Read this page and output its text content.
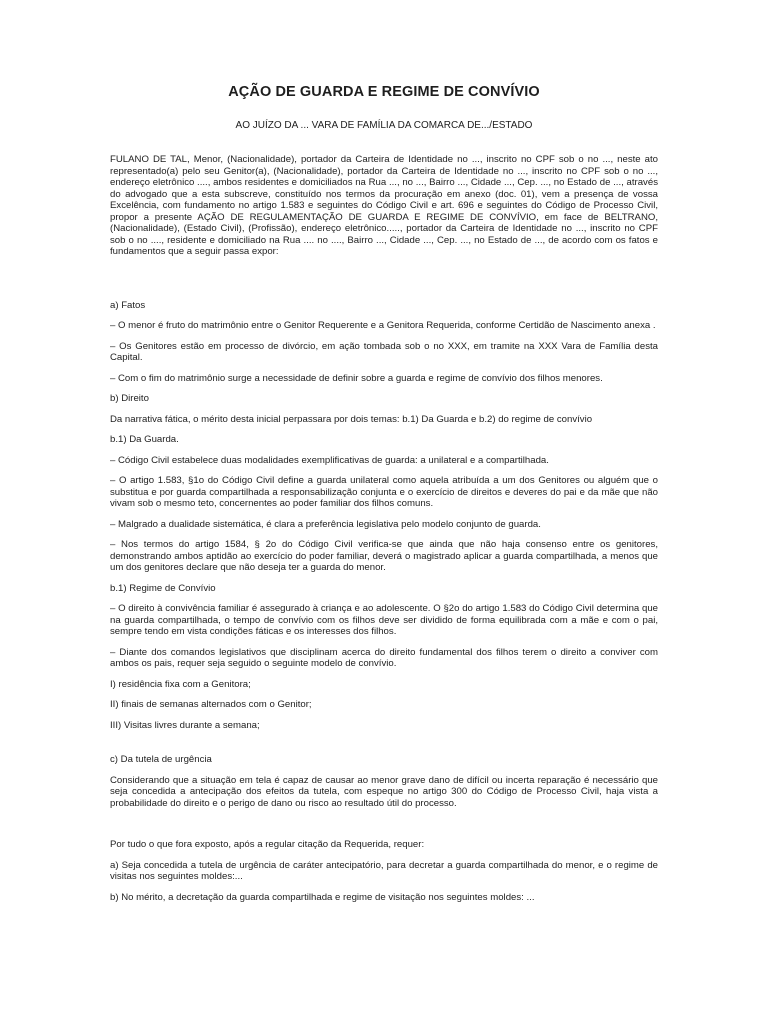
AÇÃO DE GUARDA E REGIME DE CONVÍVIO

AO JUÍZO DA ... VARA DE FAMÍLIA DA COMARCA DE.../ESTADO

FULANO DE TAL, Menor, (Nacionalidade), portador da Carteira de Identidade no ..., inscrito no CPF sob o no ..., neste ato representado(a) pelo seu Genitor(a), (Nacionalidade), portador da Carteira de Identidade no ..., inscrito no CPF sob o no ..., endereço eletrônico ...., ambos residentes e domiciliados na Rua ..., no ..., Bairro ..., Cidade ..., Cep. ..., no Estado de ..., através do advogado que a esta subscreve, constituído nos termos da procuração em anexo (doc. 01), vem a presença de vossa Excelência, com fundamento no artigo 1.583 e seguintes do Código Civil e art. 696 e seguintes do Código de Processo Civil, propor a presente AÇÃO DE REGULAMENTAÇÃO DE GUARDA E REGIME DE CONVÍVIO, em face de BELTRANO, (Nacionalidade), (Estado Civil), (Profissão), endereço eletrônico....., portador da Carteira de Identidade no ..., inscrito no CPF sob o no ...., residente e domiciliado na Rua .... no ...., Bairro ..., Cidade ..., Cep. ..., no Estado de ..., de acordo com os fatos e fundamentos que a seguir passa expor:

a) Fatos

– O menor é fruto do matrimônio entre o Genitor Requerente e a Genitora Requerida, conforme Certidão de Nascimento anexa .

– Os Genitores estão em processo de divórcio, em ação tombada sob o no XXX, em tramite na XXX Vara de Família desta Capital.

– Com o fim do matrimônio surge a necessidade de definir sobre a guarda e regime de convívio dos filhos menores.

b) Direito

Da narrativa fática, o mérito desta inicial perpassara por dois temas: b.1) Da Guarda e b.2) do regime de convívio

b.1) Da Guarda.

– Código Civil estabelece duas modalidades exemplificativas de guarda: a unilateral e a compartilhada.

– O artigo 1.583, §1o do Código Civil define a guarda unilateral como aquela atribuída a um dos Genitores ou alguém que o substitua e por guarda compartilhada a responsabilização conjunta e o exercício de direitos e deveres do pai e da mãe que não vivam sob o mesmo teto, concernentes ao poder familiar dos filhos comuns.

– Malgrado a dualidade sistemática, é clara a preferência legislativa pelo modelo conjunto de guarda.

– Nos termos do artigo 1584, § 2o do Código Civil verifica-se que ainda que não haja consenso entre os genitores, demonstrando ambos aptidão ao exercício do poder familiar, deverá o magistrado aplicar a guarda compartilhada, a menos que um dos genitores declare que não deseja ter a guarda do menor.

b.1) Regime de Convívio

– O direito à convivência familiar é assegurado à criança e ao adolescente. O §2o do artigo 1.583 do Código Civil determina que na guarda compartilhada, o tempo de convívio com os filhos deve ser dividido de forma equilibrada com a mãe e com o pai, sempre tendo em vista condições fáticas e os interesses dos filhos.

– Diante dos comandos legislativos que disciplinam acerca do direito fundamental dos filhos terem o direito a conviver com ambos os pais, requer seja seguido o seguinte modelo de convívio.

I) residência fixa com a Genitora;

II) finais de semanas alternados com o Genitor;

III) Visitas livres durante a semana;

c) Da tutela de urgência

Considerando que a situação em tela é capaz de causar ao menor grave dano de difícil ou incerta reparação é necessário que seja concedida a antecipação dos efeitos da tutela, com espeque no artigo 300 do Código de Processo Civil, haja vista a probabilidade do direito e o perigo de dano ou risco ao resultado útil do processo.

Por tudo o que fora exposto, após a regular citação da Requerida, requer:

a) Seja concedida a tutela de urgência de caráter antecipatório, para decretar a guarda compartilhada do menor, e o regime de visitas nos seguintes moldes:...

b) No mérito, a decretação da guarda compartilhada e regime de visitação nos seguintes moldes: ...
